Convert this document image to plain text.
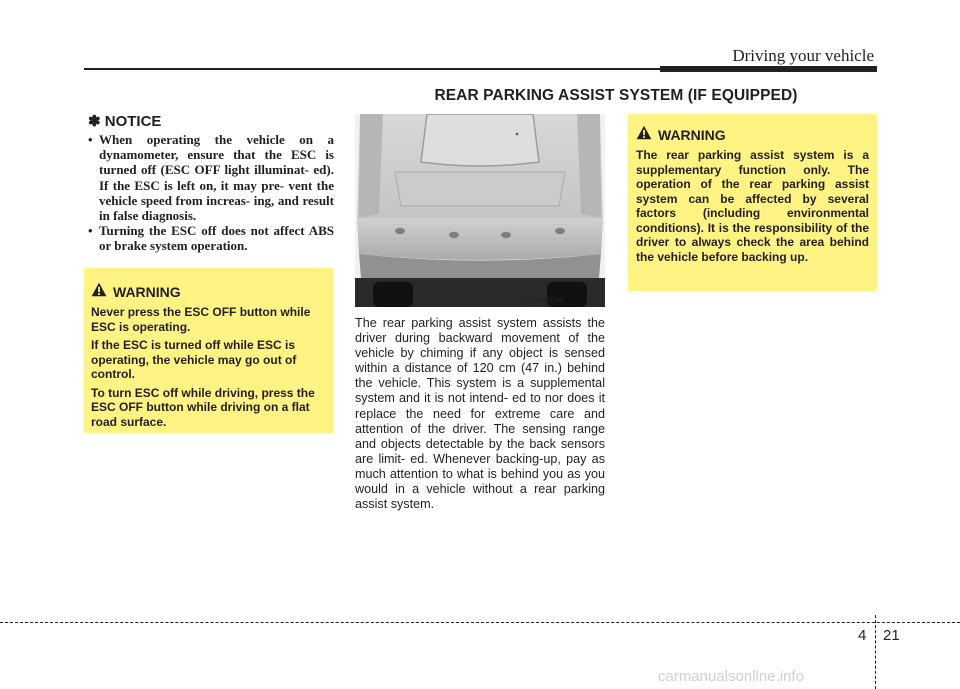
Driving your vehicle
REAR PARKING ASSIST SYSTEM (IF EQUIPPED)
✽ NOTICE
• When operating the vehicle on a dynamometer, ensure that the ESC is turned off (ESC OFF light illuminat- ed). If the ESC is left on, it may pre- vent the vehicle speed from increas- ing, and result in false diagnosis.
• Turning the ESC off does not affect ABS or brake system operation.
WARNING

Never press the ESC OFF button while ESC is operating.

If the ESC is turned off while ESC is operating, the vehicle may go out of control.

To turn ESC off while driving, press the ESC OFF button while driving on a flat road surface.

OVQ049098

The rear parking assist system assists the driver during backward movement of the vehicle by chiming if any object is sensed within a distance of 120 cm (47 in.) behind the vehicle. This system is a supplemental system and it is not intend- ed to nor does it replace the need for extreme care and attention of the driver. The sensing range and objects detectable by the back sensors are limit- ed. Whenever backing-up, pay as much attention to what is behind you as you would in a vehicle without a rear parking assist system.

WARNING

The rear parking assist system is a supplementary function only. The operation of the rear parking assist system can be affected by several factors (including environmental conditions). It is the responsibility of the driver to always check the area behind the vehicle before backing up.

4 21
carmanualsonline.info
